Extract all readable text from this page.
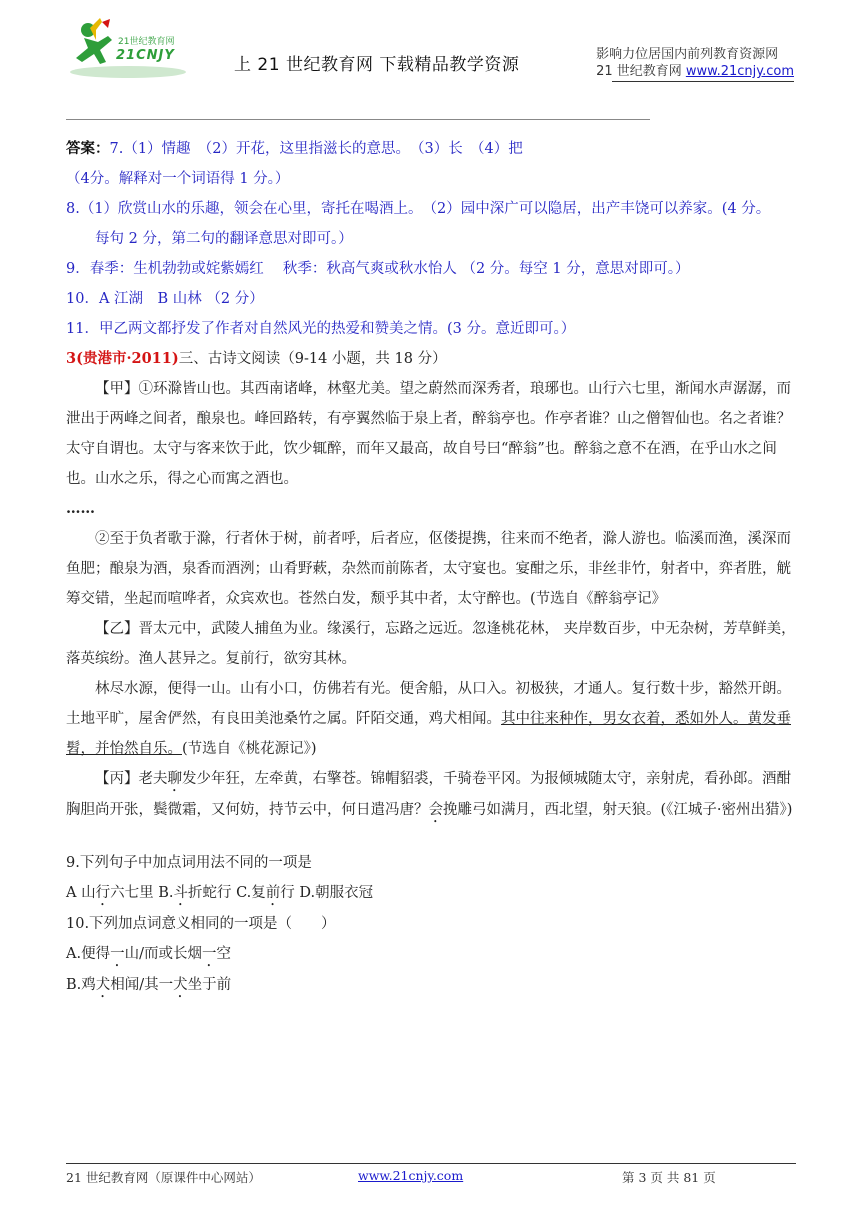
21世纪教育网
21CNJY	上 21 世纪教育网 下载精品教学资源
影响力位居国内前列教育资源网
21 世纪教育网 www.21cnjy.com

答案：7.（1）情趣　（2）开花，这里指滋长的意思。　（3）长　（4）把

（4分。解释对一个词语得 1 分。）

8.（1）欣赏山水的乐趣，领会在心里，寄托在喝酒上。　（2）园中深广可以隐居，出产丰饶可以养家。(4 分。

每句 2 分，第二句的翻译意思对即可。）

9．春季：生机勃勃或姹紫嫣红　 秋季：秋高气爽或秋水怡人 （2 分。每空 1 分，意思对即可。）

10．A 江湖　B 山林 （2 分）

11．甲乙两文都抒发了作者对自然风光的热爱和赞美之情。(3 分。意近即可。）

3(贵港市·2011)三、古诗文阅读（9-14 小题，共 18 分）

【甲】①环滁皆山也。其西南诸峰，林壑尤美。望之蔚然而深秀者，琅琊也。山行六七里，渐闻水声潺潺，而泄出于两峰之间者，酿泉也。峰回路转，有亭翼然临于泉上者，醉翁亭也。作亭者谁？山之僧智仙也。名之者谁？太守自谓也。太守与客来饮于此，饮少辄醉，而年又最高，故自号曰“醉翁”也。醉翁之意不在酒，在乎山水之间也。山水之乐，得之心而寓之酒也。

……

②至于负者歌于滁，行者休于树，前者呼，后者应，伛偻提携，往来而不绝者，滁人游也。临溪而渔，溪深而鱼肥；酿泉为酒，泉香而酒洌；山肴野蔌，杂然而前陈者，太守宴也。宴酣之乐，非丝非竹，射者中，弈者胜，觥筹交错，坐起而喧哗者，众宾欢也。苍然白发，颓乎其中者，太守醉也。(节选自《醉翁亭记》

【乙】晋太元中，武陵人捕鱼为业。缘溪行，忘路之远近。忽逢桃花林， 夹岸数百步，中无杂树，芳草鲜美，落英缤纷。渔人甚异之。复前行，欲穷其林。

林尽水源，便得一山。山有小口，仿佛若有光。便舍船，从口入。初极狭，才通人。复行数十步，豁然开朗。土地平旷，屋舍俨然，有良田美池桑竹之属。阡陌交通，鸡犬相闻。其中往来种作，男女衣着，悉如外人。黄发垂髫，并怡然自乐。(节选自《桃花源记》)

【丙】老夫聊发少年狂，左牵黄，右擎苍。锦帽貂裘，千骑卷平冈。为报倾城随太守，亲射虎，看孙郎。酒酣胸胆尚开张，鬓微霜，又何妨，持节云中，何日遣冯唐？会挽雕弓如满月，西北望，射天狼。(《江城子·密州出猎》)

9.下列句子中加点词用法不同的一项是

A 山行六七里 B.斗折蛇行 C.复前行 D.朝服衣冠

10.下列加点词意义相同的一项是（　　）

A.便得一山/而或长烟一空

B.鸡犬相闻/其一犬坐于前

21 世纪教育网（原课件中心网站）	www.21cnjy.com	第 3 页 共 81 页
